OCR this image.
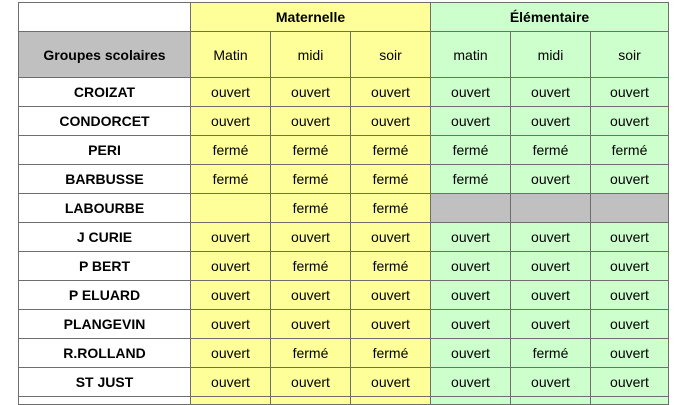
	Maternelle			Élémentaire		
Groupes scolaires	Matin	midi	soir	matin	midi	soir
CROIZAT	ouvert	ouvert	ouvert	ouvert	ouvert	ouvert
CONDORCET	ouvert	ouvert	ouvert	ouvert	ouvert	ouvert
PERI	fermé	fermé	fermé	fermé	fermé	fermé
BARBUSSE	fermé	fermé	fermé	fermé	ouvert	ouvert
LABOURBE		fermé	fermé			
J CURIE	ouvert	ouvert	ouvert	ouvert	ouvert	ouvert
P BERT	ouvert	fermé	fermé	ouvert	ouvert	ouvert
P ELUARD	ouvert	ouvert	ouvert	ouvert	ouvert	ouvert
PLANGEVIN	ouvert	ouvert	ouvert	ouvert	ouvert	ouvert
R.ROLLAND	ouvert	fermé	fermé	ouvert	fermé	ouvert
ST JUST	ouvert	ouvert	ouvert	ouvert	ouvert	ouvert
